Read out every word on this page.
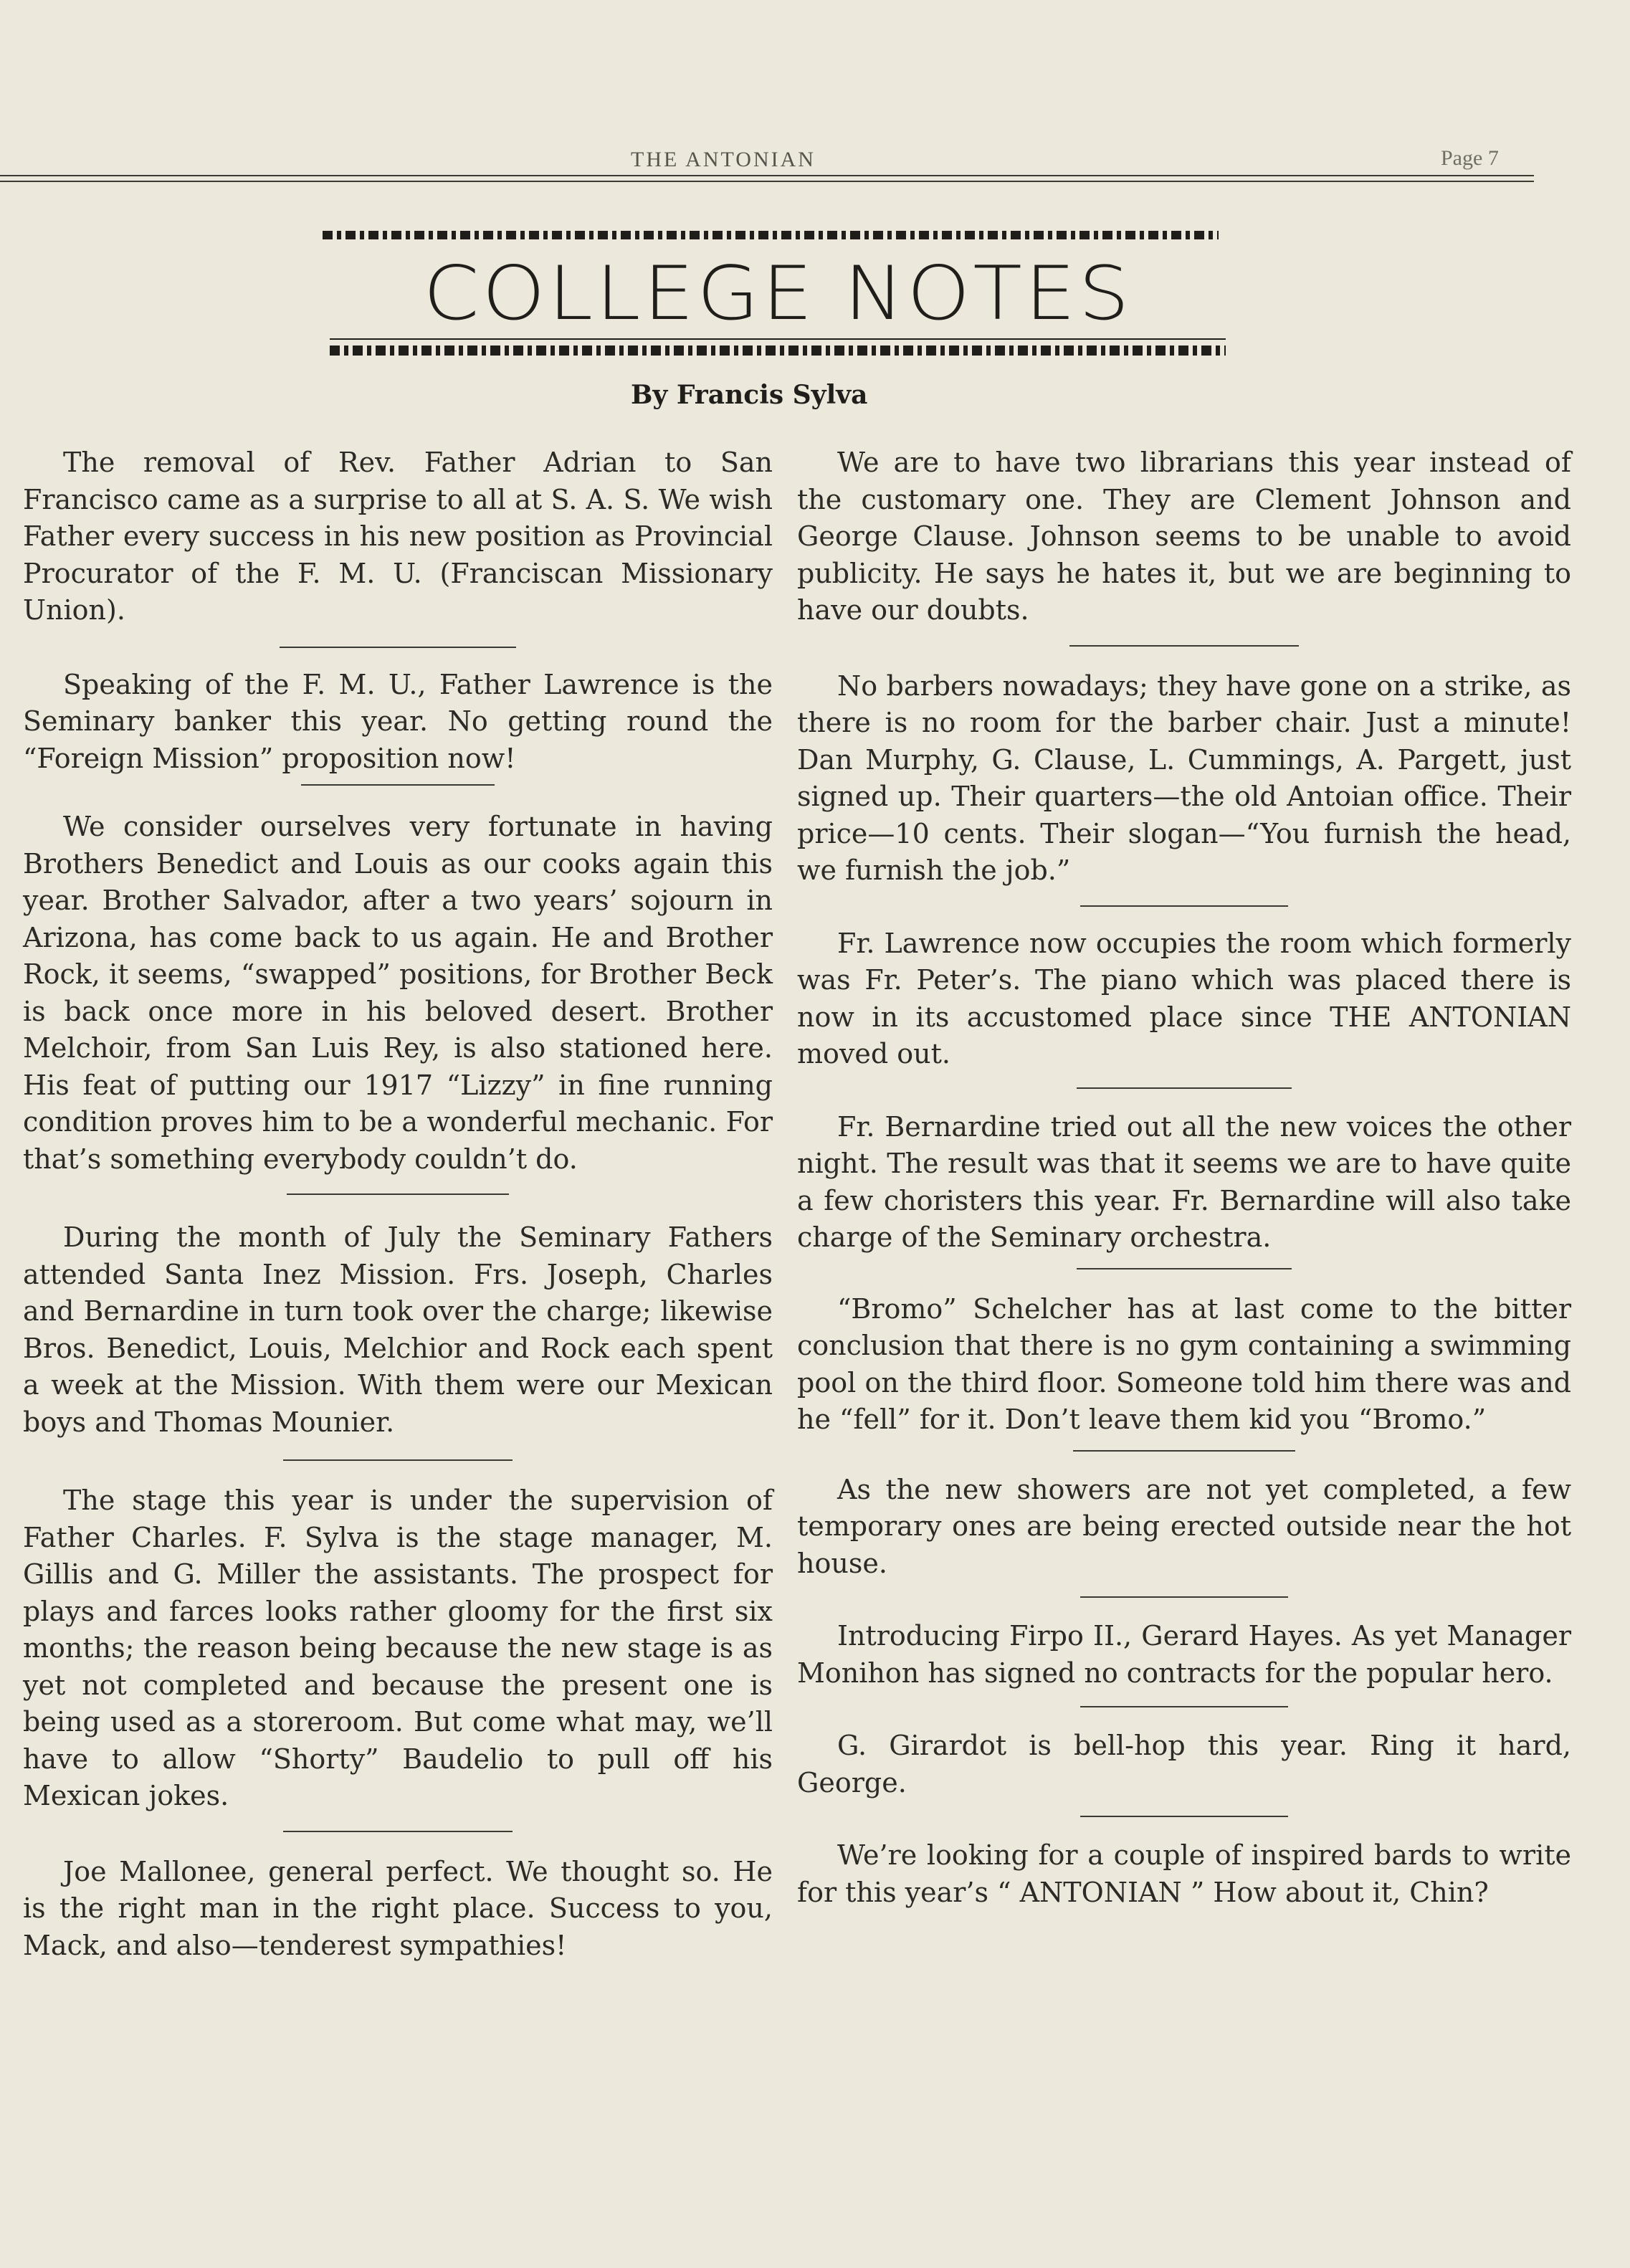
THE ANTONIAN	Page 7
COLLEGE NOTES
By Francis Sylva

The removal of Rev. Father Adrian to San Francisco came as a surprise to all at S. A. S. We wish Father every success in his new position as Provincial Procurator of the F. M. U. (Franciscan Missionary Union).

Speaking of the F. M. U., Father Lawrence is the Seminary banker this year. No getting round the “Foreign Mission” proposition now!

We consider ourselves very fortunate in having Brothers Benedict and Louis as our cooks again this year. Brother Salvador, after a two years’ sojourn in Arizona, has come back to us again. He and Brother Rock, it seems, “swapped” positions, for Brother Beck is back once more in his beloved desert. Brother Melchoir, from San Luis Rey, is also stationed here. His feat of putting our 1917 “Lizzy” in fine running condition proves him to be a wonderful mechanic. For that’s something everybody couldn’t do.

During the month of July the Seminary Fathers attended Santa Inez Mission. Frs. Joseph, Charles and Bernardine in turn took over the charge; likewise Bros. Benedict, Louis, Melchior and Rock each spent a week at the Mission. With them were our Mexican boys and Thomas Mounier.

The stage this year is under the supervision of Father Charles. F. Sylva is the stage manager, M. Gillis and G. Miller the assistants. The prospect for plays and farces looks rather gloomy for the first six months; the reason being because the new stage is as yet not completed and because the present one is being used as a storeroom. But come what may, we’ll have to allow “Shorty” Baudelio to pull off his Mexican jokes.

Joe Mallonee, general perfect. We thought so. He is the right man in the right place. Success to you, Mack, and also—tenderest sympathies!

We are to have two librarians this year instead of the customary one. They are Clement Johnson and George Clause. Johnson seems to be unable to avoid publicity. He says he hates it, but we are beginning to have our doubts.

No barbers nowadays; they have gone on a strike, as there is no room for the barber chair. Just a minute! Dan Murphy, G. Clause, L. Cummings, A. Pargett, just signed up. Their quarters—the old Antoian office. Their price—10 cents. Their slogan—“You furnish the head, we furnish the job.”

Fr. Lawrence now occupies the room which formerly was Fr. Peter’s. The piano which was placed there is now in its accustomed place since THE ANTONIAN moved out.

Fr. Bernardine tried out all the new voices the other night. The result was that it seems we are to have quite a few choristers this year. Fr. Bernardine will also take charge of the Seminary orchestra.

“Bromo” Schelcher has at last come to the bitter conclusion that there is no gym containing a swimming pool on the third floor. Someone told him there was and he “fell” for it. Don’t leave them kid you “Bromo.”

As the new showers are not yet completed, a few temporary ones are being erected outside near the hot house.

Introducing Firpo II., Gerard Hayes. As yet Manager Monihon has signed no contracts for the popular hero.

G. Girardot is bell-hop this year. Ring it hard, George.

We’re looking for a couple of inspired bards to write for this year’s “ ANTONIAN ” How about it, Chin?
